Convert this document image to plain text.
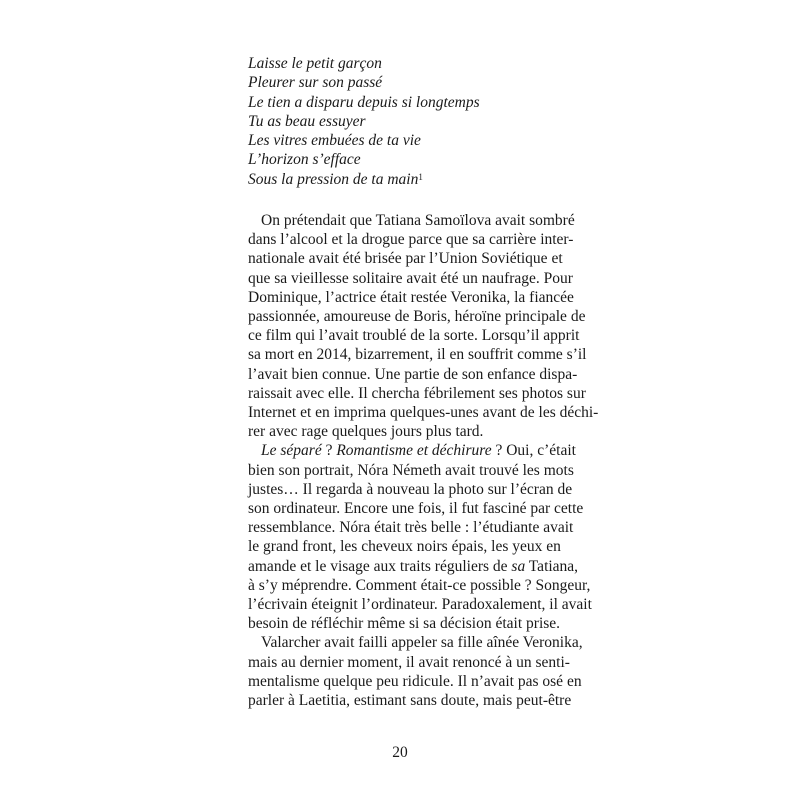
Laisse le petit garçon
Pleurer sur son passé
Le tien a disparu depuis si longtemps
Tu as beau essuyer
Les vitres embuées de ta vie
L’horizon s’efface
Sous la pression de ta main$^1$
On prétendait que Tatiana Samoïlova avait sombré
dans l’alcool et la drogue parce que sa carrière inter-
nationale avait été brisée par l’Union Soviétique et
que sa vieillesse solitaire avait été un naufrage. Pour
Dominique, l’actrice était restée Veronika, la fiancée
passionnée, amoureuse de Boris, héroïne principale de
ce film qui l’avait troublé de la sorte. Lorsqu’il apprit
sa mort en 2014, bizarrement, il en souffrit comme s’il
l’avait bien connue. Une partie de son enfance dispa-
raissait avec elle. Il chercha fébrilement ses photos sur
Internet et en imprima quelques-unes avant de les déchi-
rer avec rage quelques jours plus tard.
Le séparé ? Romantisme et déchirure ? Oui, c’était
bien son portrait, Nóra Németh avait trouvé les mots
justes… Il regarda à nouveau la photo sur l’écran de
son ordinateur. Encore une fois, il fut fasciné par cette
ressemblance. Nóra était très belle : l’étudiante avait
le grand front, les cheveux noirs épais, les yeux en
amande et le visage aux traits réguliers de sa Tatiana,
à s’y méprendre. Comment était-ce possible ? Songeur,
l’écrivain éteignit l’ordinateur. Paradoxalement, il avait
besoin de réfléchir même si sa décision était prise.
Valarcher avait failli appeler sa fille aînée Veronika,
mais au dernier moment, il avait renoncé à un senti-
mentalisme quelque peu ridicule. Il n’avait pas osé en
parler à Laetitia, estimant sans doute, mais peut-être
20
